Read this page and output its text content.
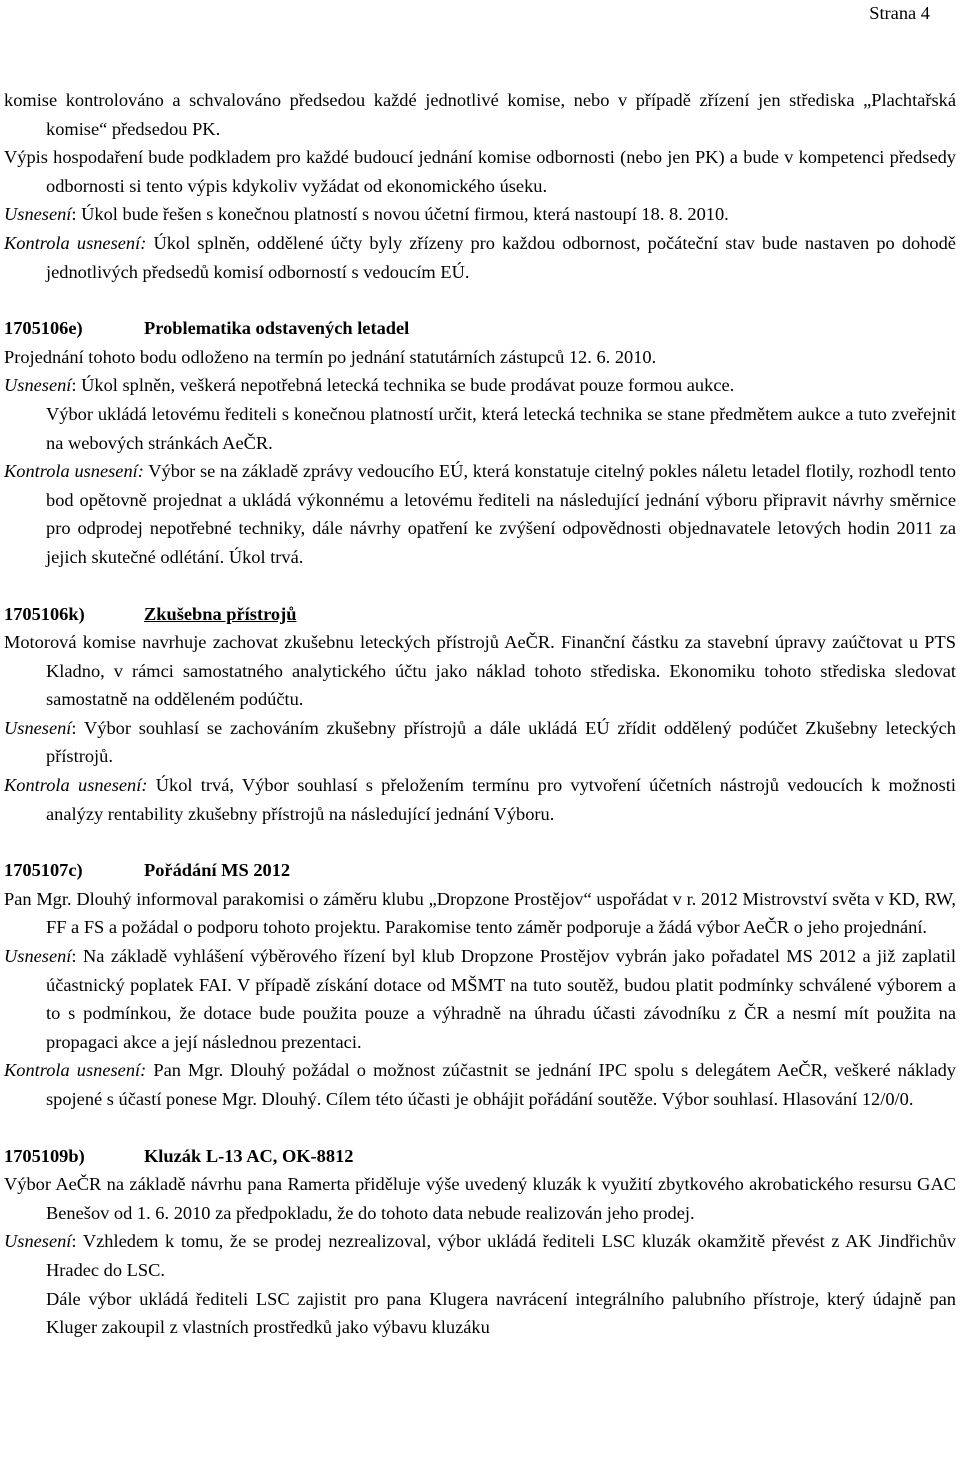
Strana 4

komise kontrolováno a schvalováno předsedou každé jednotlivé komise, nebo v případě zřízení jen střediska „Plachtařská komise“ předsedou PK.

Výpis hospodaření bude podkladem pro každé budoucí jednání komise odbornosti (nebo jen PK) a bude v kompetenci předsedy odbornosti si tento výpis kdykoliv vyžádat od ekonomického úseku.

Usnesení: Úkol bude řešen s konečnou platností s novou účetní firmou, která nastoupí 18. 8. 2010.

Kontrola usnesení: Úkol splněn, oddělené účty byly zřízeny pro každou odbornost, počáteční stav bude nastaven po dohodě jednotlivých předsedů komisí odborností s vedoucím EÚ.

1705106e)	Problematika odstavených letadel

Projednání tohoto bodu odloženo na termín po jednání statutárních zástupců 12. 6. 2010.

Usnesení: Úkol splněn, veškerá nepotřebná letecká technika se bude prodávat pouze formou aukce.

Výbor ukládá letovému řediteli s konečnou platností určit, která letecká technika se stane předmětem aukce a tuto zveřejnit na webových stránkách AeČR.

Kontrola usnesení: Výbor se na základě zprávy vedoucího EÚ, která konstatuje citelný pokles náletu letadel flotily, rozhodl tento bod opětovně projednat a ukládá výkonnému a letovému řediteli na následující jednání výboru připravit návrhy směrnice pro odprodej nepotřebné techniky, dále návrhy opatření ke zvýšení odpovědnosti objednavatele letových hodin 2011 za jejich skutečné odlétání. Úkol trvá.

1705106k)	Zkušebna přístrojů

Motorová komise navrhuje zachovat zkušebnu leteckých přístrojů AeČR. Finanční částku za stavební úpravy zaúčtovat u PTS Kladno, v rámci samostatného analytického účtu jako náklad tohoto střediska. Ekonomiku tohoto střediska sledovat samostatně na odděleném podúčtu.

Usnesení: Výbor souhlasí se zachováním zkušebny přístrojů a dále ukládá EÚ zřídit oddělený podúčet Zkušebny leteckých přístrojů.

Kontrola usnesení: Úkol trvá, Výbor souhlasí s přeložením termínu pro vytvoření účetních nástrojů vedoucích k možnosti analýzy rentability zkušebny přístrojů na následující jednání Výboru.

1705107c)	Pořádání MS 2012

Pan Mgr. Dlouhý informoval parakomisi o záměru klubu „Dropzone Prostějov“ uspořádat v r. 2012 Mistrovství světa v KD, RW, FF a FS a požádal o podporu tohoto projektu. Parakomise tento záměr podporuje a žádá výbor AeČR o jeho projednání.

Usnesení: Na základě vyhlášení výběrového řízení byl klub Dropzone Prostějov vybrán jako pořadatel MS 2012 a již zaplatil účastnický poplatek FAI. V případě získání dotace od MŠMT na tuto soutěž, budou platit podmínky schválené výborem a to s podmínkou, že dotace bude použita pouze a výhradně na úhradu účasti závodníku z ČR a nesmí mít použita na propagaci akce a její následnou prezentaci.

Kontrola usnesení: Pan Mgr. Dlouhý požádal o možnost zúčastnit se jednání IPC spolu s delegátem AeČR, veškeré náklady spojené s účastí ponese Mgr. Dlouhý. Cílem této účasti je obhájit pořádání soutěže. Výbor souhlasí. Hlasování 12/0/0.

1705109b)	Kluzák L-13 AC, OK-8812

Výbor AeČR na základě návrhu pana Ramerta přiděluje výše uvedený kluzák k využití zbytkového akrobatického resursu GAC Benešov od 1. 6. 2010 za předpokladu, že do tohoto data nebude realizován jeho prodej.

Usnesení: Vzhledem k tomu, že se prodej nezrealizoval, výbor ukládá řediteli LSC kluzák okamžitě převést z AK Jindřichův Hradec do LSC.

Dále výbor ukládá řediteli LSC zajistit pro pana Klugera navrácení integrálního palubního přístroje, který údajně pan Kluger zakoupil z vlastních prostředků jako výbavu kluzáku
